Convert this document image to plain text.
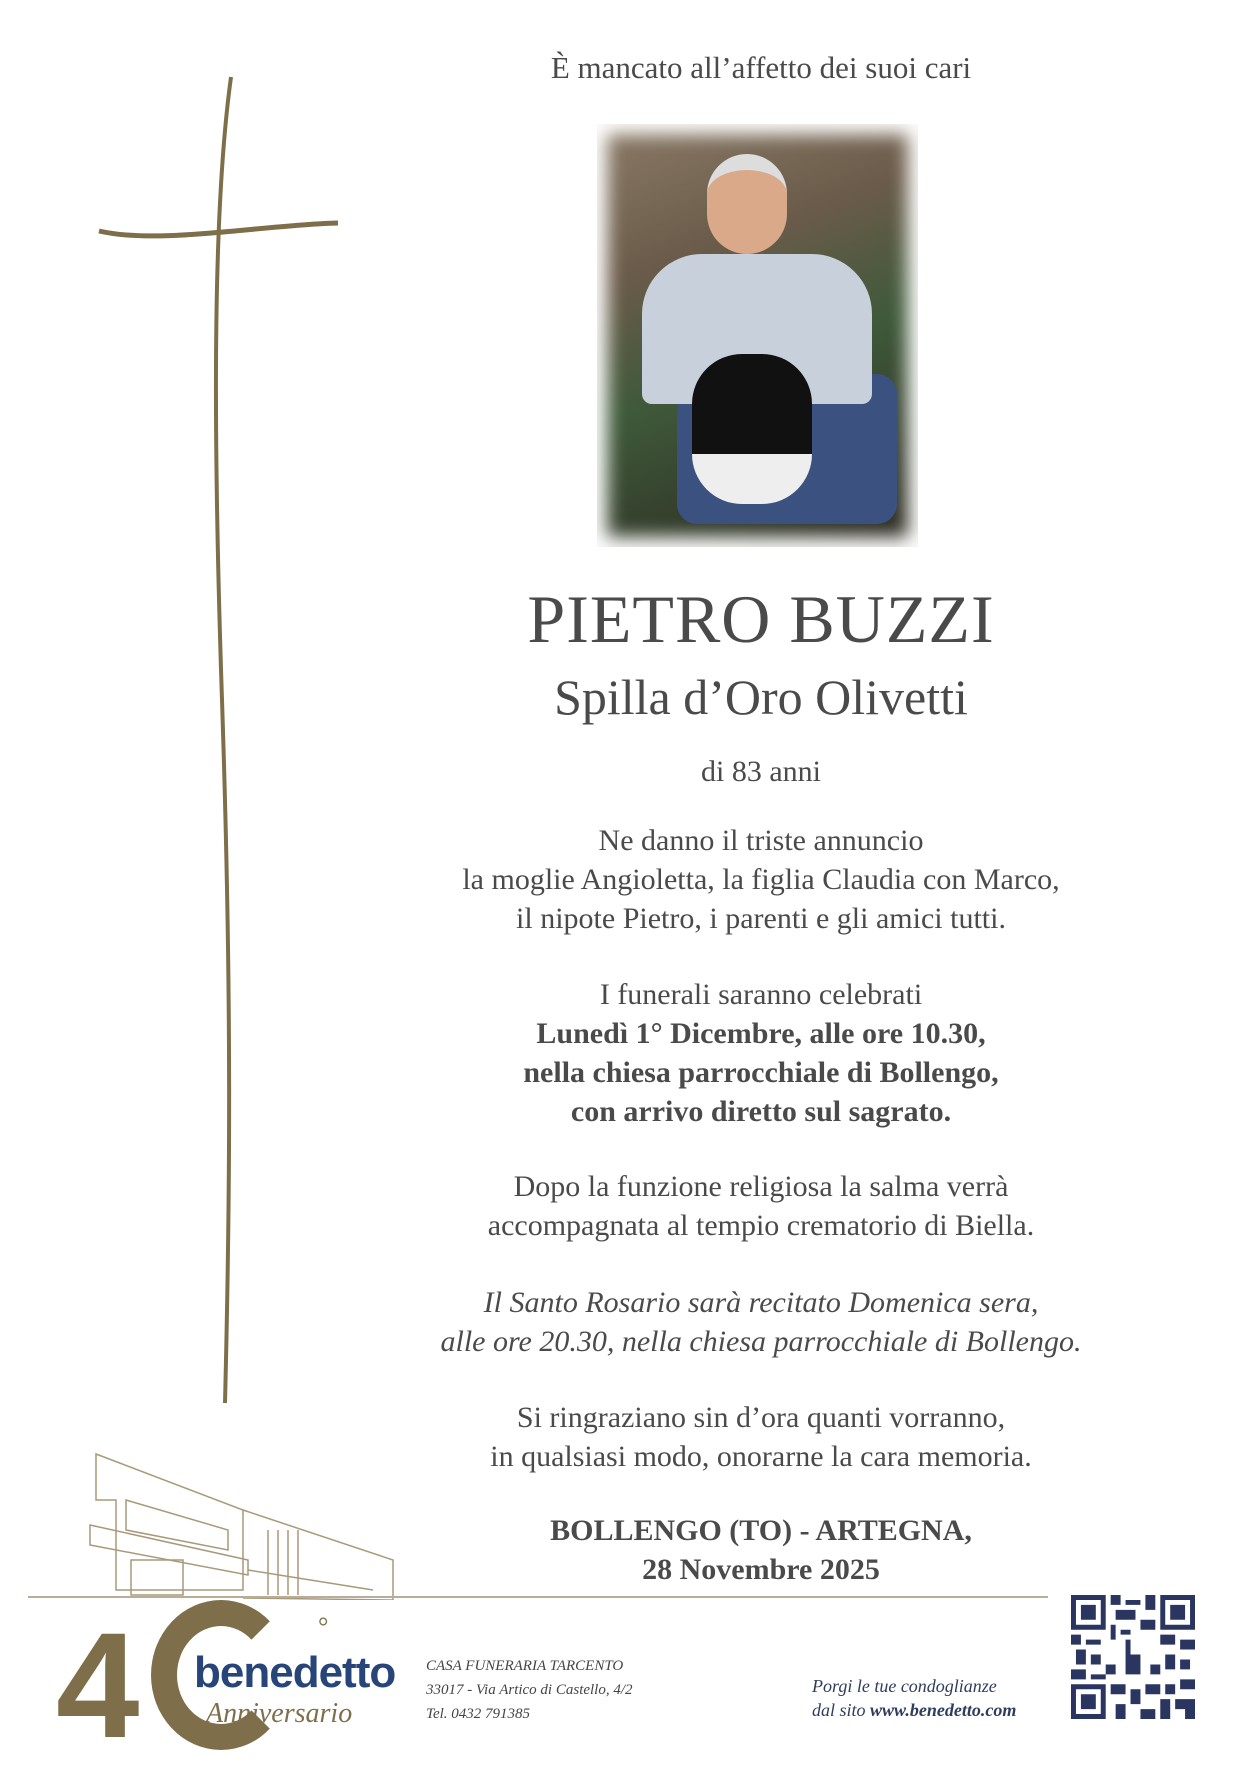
È mancato all’affetto dei suoi cari
PIETRO BUZZI
Spilla d’Oro Olivetti
di 83 anni
Ne danno il triste annuncio
la moglie Angioletta, la figlia Claudia con Marco,
il nipote Pietro, i parenti e gli amici tutti.
I funerali saranno celebrati
Lunedì 1° Dicembre, alle ore 10.30,
nella chiesa parrocchiale di Bollengo,
con arrivo diretto sul sagrato.
Dopo la funzione religiosa la salma verrà
accompagnata al tempio crematorio di Biella.
Il Santo Rosario sarà recitato Domenica sera,
alle ore 20.30, nella chiesa parrocchiale di Bollengo.
Si ringraziano sin d’ora quanti vorranno,
in qualsiasi modo, onorarne la cara memoria.
BOLLENGO (TO) - ARTEGNA,
28 Novembre 2025
4	°
benedetto
Anniversario
CASA FUNERARIA TARCENTO
33017 - Via Artico di Castello, 4/2
Tel. 0432 791385
Porgi le tue condoglianze
dal sito www.benedetto.com
